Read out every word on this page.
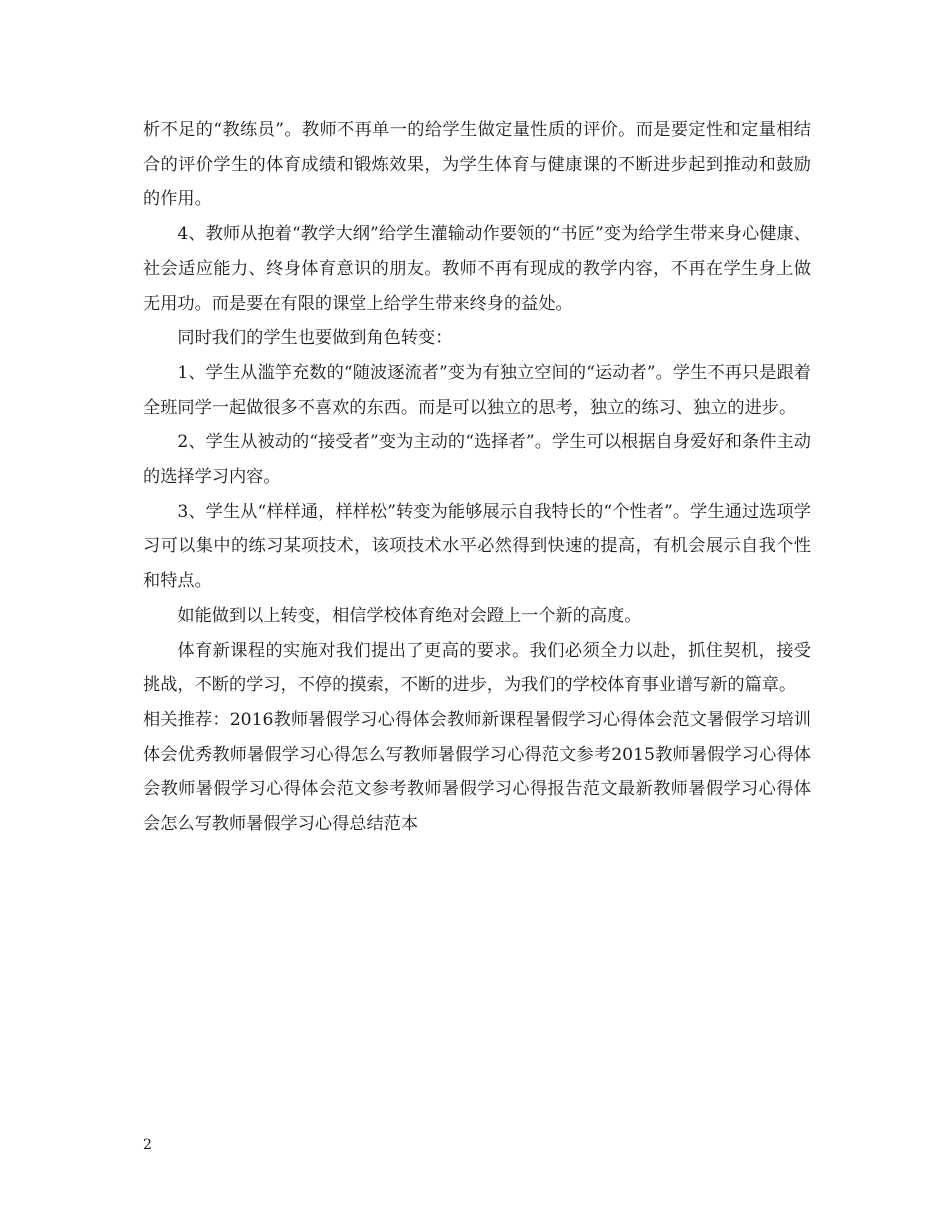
析不足的“教练员”。教师不再单一的给学生做定量性质的评价。而是要定性和定量相结合的评价学生的体育成绩和锻炼效果，为学生体育与健康课的不断进步起到推动和鼓励的作用。

4、教师从抱着“教学大纲”给学生灌输动作要领的“书匠”变为给学生带来身心健康、社会适应能力、终身体育意识的朋友。教师不再有现成的教学内容，不再在学生身上做无用功。而是要在有限的课堂上给学生带来终身的益处。

同时我们的学生也要做到角色转变：

1、学生从滥竽充数的“随波逐流者”变为有独立空间的“运动者”。学生不再只是跟着全班同学一起做很多不喜欢的东西。而是可以独立的思考，独立的练习、独立的进步。

2、学生从被动的“接受者”变为主动的“选择者”。学生可以根据自身爱好和条件主动的选择学习内容。

3、学生从“样样通，样样松”转变为能够展示自我特长的“个性者”。学生通过选项学习可以集中的练习某项技术，该项技术水平必然得到快速的提高，有机会展示自我个性和特点。

如能做到以上转变，相信学校体育绝对会蹬上一个新的高度。

体育新课程的实施对我们提出了更高的要求。我们必须全力以赴，抓住契机，接受挑战，不断的学习，不停的摸索，不断的进步，为我们的学校体育事业谱写新的篇章。

相关推荐：2016教师暑假学习心得体会教师新课程暑假学习心得体会范文暑假学习培训体会优秀教师暑假学习心得怎么写教师暑假学习心得范文参考2015教师暑假学习心得体会教师暑假学习心得体会范文参考教师暑假学习心得报告范文最新教师暑假学习心得体会怎么写教师暑假学习心得总结范本

2
